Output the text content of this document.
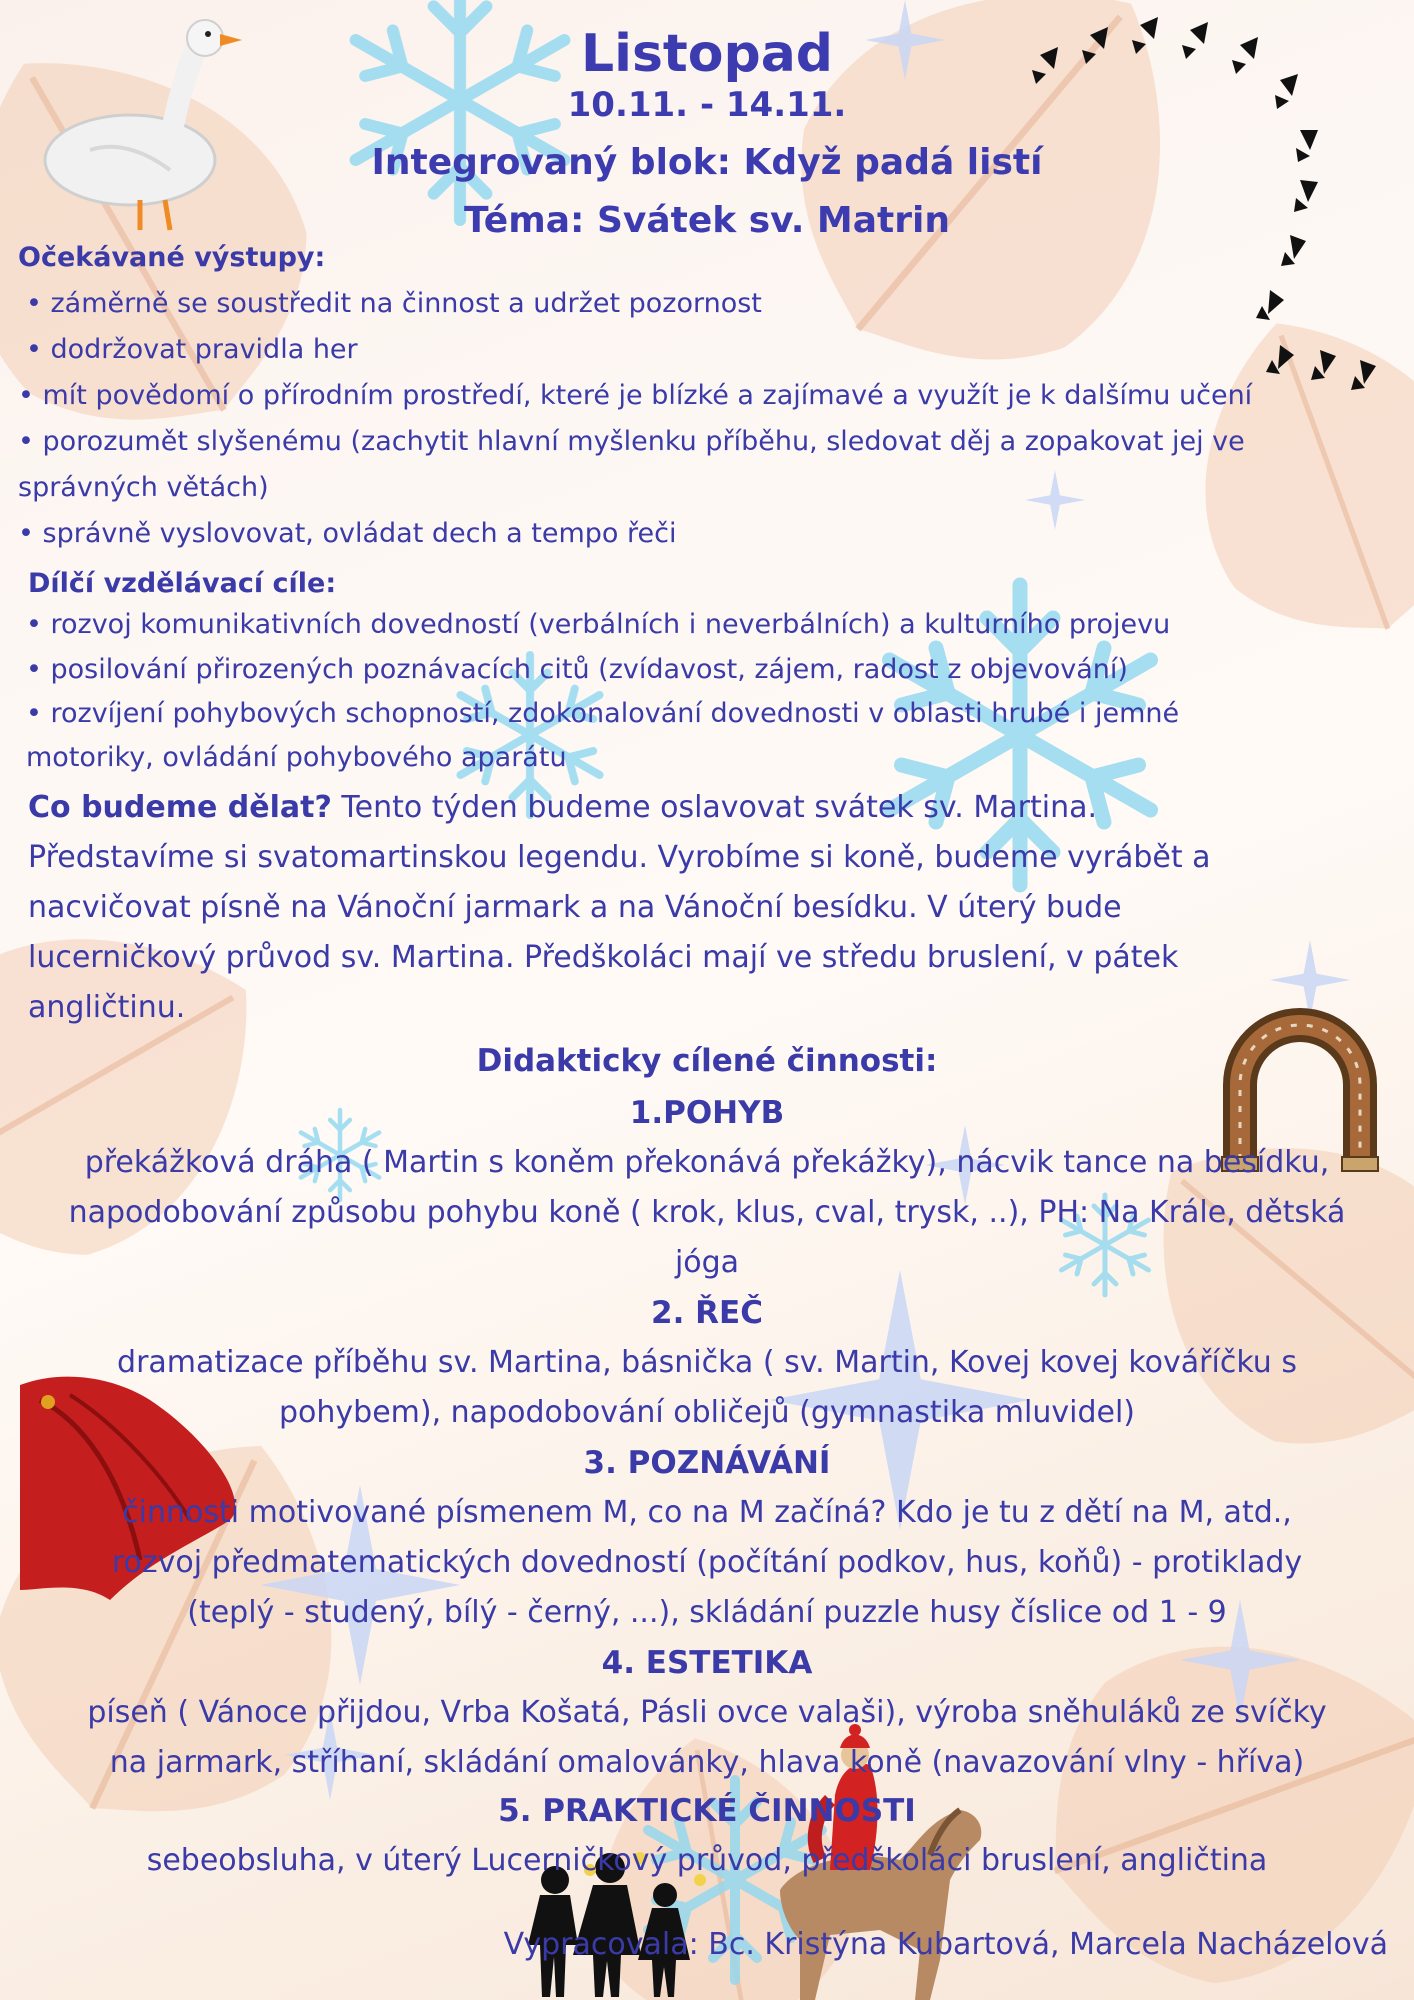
Listopad
10.11. - 14.11.
Integrovaný blok: Když padá listí
Téma: Svátek sv. Matrin
Očekávané výstupy:
• záměrně se soustředit na činnost a udržet pozornost
• dodržovat pravidla her
• mít povědomí o přírodním prostředí, které je blízké a zajímavé a využít je k dalšímu učení
• porozumět slyšenému (zachytit hlavní myšlenku příběhu, sledovat děj a zopakovat jej ve
správných větách)
• správně vyslovovat, ovládat dech a tempo řeči
Dílčí vzdělávací cíle:
• rozvoj komunikativních dovedností (verbálních i neverbálních) a kulturního projevu
• posilování přirozených poznávacích citů (zvídavost, zájem, radost z objevování)
• rozvíjení pohybových schopností, zdokonalování dovednosti v oblasti hrubé i jemné
motoriky, ovládání pohybového aparátu
Co budeme dělat? Tento týden budeme oslavovat svátek sv. Martina.
Představíme si svatomartinskou legendu. Vyrobíme si koně, budeme vyrábět a
nacvičovat písně na Vánoční jarmark a na Vánoční besídku. V úterý bude
lucerničkový průvod sv. Martina. Předškoláci mají ve středu bruslení, v pátek
angličtinu.
Didakticky cílené činnosti:
1.POHYB
překážková dráha ( Martin s koněm překonává překážky), nácvik tance na besídku,
napodobování způsobu pohybu koně ( krok, klus, cval, trysk, ..), PH: Na Krále, dětská
jóga
2. ŘEČ
dramatizace příběhu sv. Martina, básnička ( sv. Martin, Kovej kovej kováříčku s
pohybem), napodobování obličejů (gymnastika mluvidel)
3. POZNÁVÁNÍ
činnosti motivované písmenem M, co na M začíná? Kdo je tu z dětí na M, atd.,
rozvoj předmatematických dovedností (počítání podkov, hus, koňů) - protiklady
(teplý - studený, bílý - černý, ...), skládání puzzle husy číslice od 1 - 9
4. ESTETIKA
píseň ( Vánoce přijdou, Vrba Košatá, Pásli ovce valaši), výroba sněhuláků ze svíčky
na jarmark, stříhaní, skládání omalovánky, hlava koně (navazování vlny - hříva)
5. PRAKTICKÉ ČINNOSTI
sebeobsluha, v úterý Lucerničkový průvod, předškoláci bruslení, angličtina
Vypracovala: Bc. Kristýna Kubartová, Marcela Nacházelová
